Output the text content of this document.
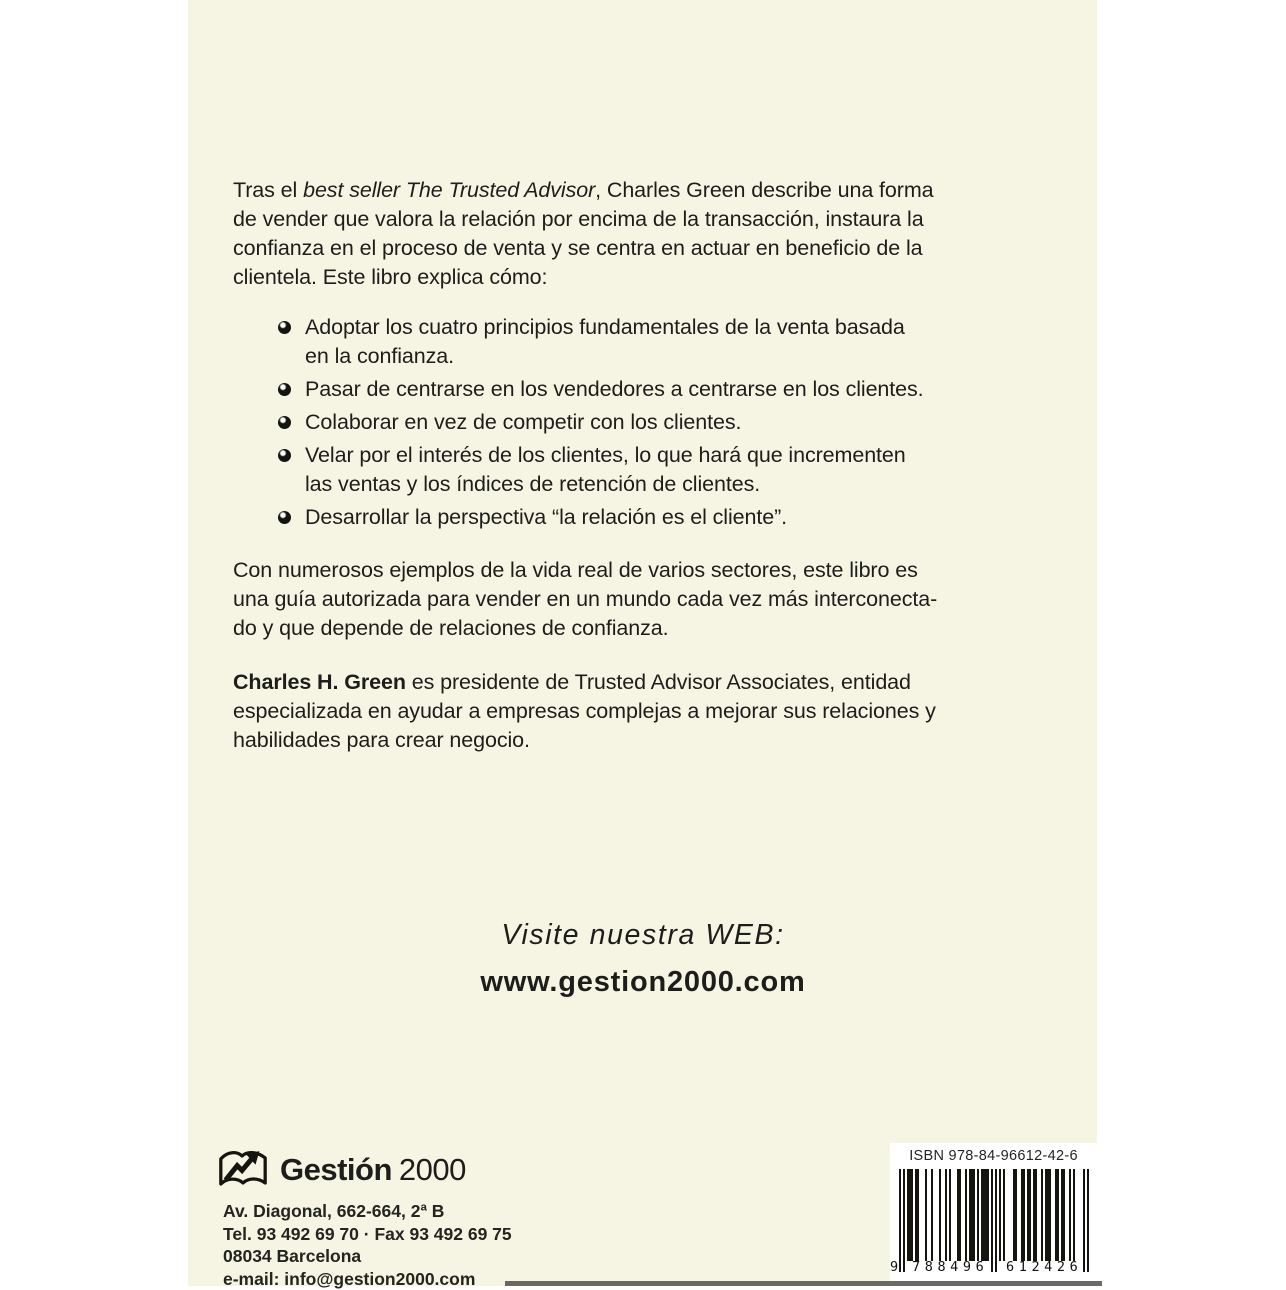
Tras el best seller The Trusted Advisor, Charles Green describe una forma
de vender que valora la relación por encima de la transacción, instaura la
confianza en el proceso de venta y se centra en actuar en beneficio de la
clientela. Este libro explica cómo:
Adoptar los cuatro principios fundamentales de la venta basada
en la confianza.
Pasar de centrarse en los vendedores a centrarse en los clientes.
Colaborar en vez de competir con los clientes.
Velar por el interés de los clientes, lo que hará que incrementen
las ventas y los índices de retención de clientes.
Desarrollar la perspectiva “la relación es el cliente”.
Con numerosos ejemplos de la vida real de varios sectores, este libro es
una guía autorizada para vender en un mundo cada vez más interconecta-
do y que depende de relaciones de confianza.
Charles H. Green es presidente de Trusted Advisor Associates, entidad
especializada en ayudar a empresas complejas a mejorar sus relaciones y
habilidades para crear negocio.
Visite nuestra WEB:
www.gestion2000.com
Gestión 2000
Av. Diagonal, 662-664, 2ª B
Tel. 93 492 69 70 · Fax 93 492 69 75
08034 Barcelona
e-mail: info@gestion2000.com
ISBN 978-84-96612-42-6
9 788496 612426
